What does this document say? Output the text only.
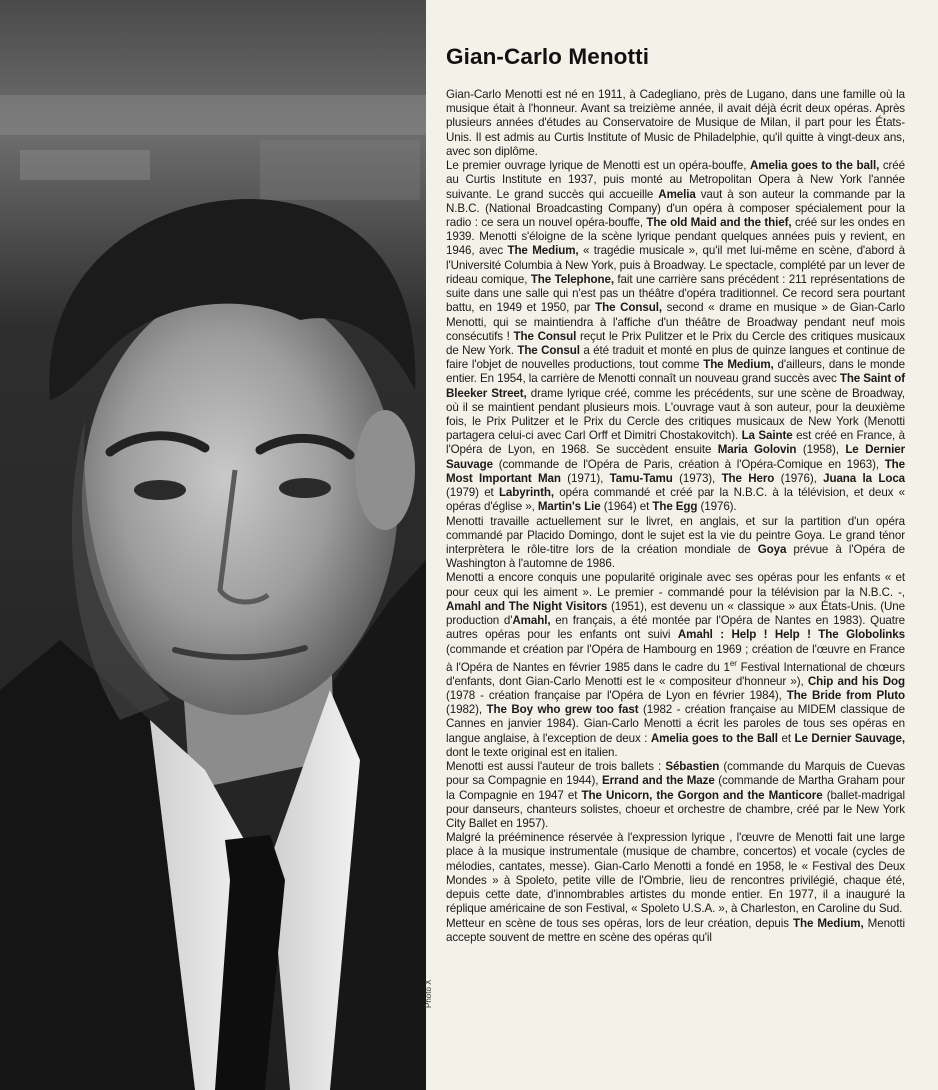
Photo X
Gian-Carlo Menotti

Gian-Carlo Menotti est né en 1911, à Cadegliano, près de Lugano, dans une famille où la musique était à l'honneur. Avant sa treizième année, il avait déjà écrit deux opéras. Après plusieurs années d'études au Conservatoire de Musique de Milan, il part pour les États-Unis. Il est admis au Curtis Institute of Music de Philadelphie, qu'il quitte à vingt-deux ans, avec son diplôme.

Le premier ouvrage lyrique de Menotti est un opéra-bouffe, Amelia goes to the ball, créé au Curtis Institute en 1937, puis monté au Metropolitan Opera à New York l'année suivante. Le grand succès qui accueille Amelia vaut à son auteur la commande par la N.B.C. (National Broadcasting Company) d'un opéra à composer spécialement pour la radio : ce sera un nouvel opéra-bouffe, The old Maid and the thief, créé sur les ondes en 1939. Menotti s'éloigne de la scène lyrique pendant quelques années puis y revient, en 1946, avec The Medium, « tragédie musicale », qu'il met lui-même en scène, d'abord à l'Université Columbia à New York, puis à Broadway. Le spectacle, complété par un lever de rideau comique, The Telephone, fait une carrière sans précédent : 211 représentations de suite dans une salle qui n'est pas un théâtre d'opéra traditionnel. Ce record sera pourtant battu, en 1949 et 1950, par The Consul, second « drame en musique » de Gian-Carlo Menotti, qui se maintiendra à l'affiche d'un théâtre de Broadway pendant neuf mois consécutifs ! The Consul reçut le Prix Pulitzer et le Prix du Cercle des critiques musicaux de New York. The Consul a été traduit et monté en plus de quinze langues et continue de faire l'objet de nouvelles productions, tout comme The Medium, d'ailleurs, dans le monde entier. En 1954, la carrière de Menotti connaît un nouveau grand succès avec The Saint of Bleeker Street, drame lyrique créé, comme les précédents, sur une scène de Broadway, où il se maintient pendant plusieurs mois. L'ouvrage vaut à son auteur, pour la deuxième fois, le Prix Pulitzer et le Prix du Cercle des critiques musicaux de New York (Menotti partagera celui-ci avec Carl Orff et Dimitri Chostakovitch). La Sainte est créé en France, à l'Opéra de Lyon, en 1968. Se succèdent ensuite Maria Golovin (1958), Le Dernier Sauvage (commande de l'Opéra de Paris, création à l'Opéra-Comique en 1963), The Most Important Man (1971), Tamu-Tamu (1973), The Hero (1976), Juana la Loca (1979) et Labyrinth, opéra commandé et créé par la N.B.C. à la télévision, et deux « opéras d'église », Martin's Lie (1964) et The Egg (1976).

Menotti travaille actuellement sur le livret, en anglais, et sur la partition d'un opéra commandé par Placido Domingo, dont le sujet est la vie du peintre Goya. Le grand ténor interprètera le rôle-titre lors de la création mondiale de Goya prévue à l'Opéra de Washington à l'automne de 1986.

Menotti a encore conquis une popularité originale avec ses opéras pour les enfants « et pour ceux qui les aiment ». Le premier - commandé pour la télévision par la N.B.C. -, Amahl and The Night Visitors (1951), est devenu un « classique » aux États-Unis. (Une production d'Amahl, en français, a été montée par l'Opéra de Nantes en 1983). Quatre autres opéras pour les enfants ont suivi Amahl : Help ! Help ! The Globolinks (commande et création par l'Opéra de Hambourg en 1969 ; création de l'œuvre en France à l'Opéra de Nantes en février 1985 dans le cadre du 1er Festival International de chœurs d'enfants, dont Gian-Carlo Menotti est le « compositeur d'honneur »), Chip and his Dog (1978 - création française par l'Opéra de Lyon en février 1984), The Bride from Pluto (1982), The Boy who grew too fast (1982 - création française au MIDEM classique de Cannes en janvier 1984). Gian-Carlo Menotti a écrit les paroles de tous ses opéras en langue anglaise, à l'exception de deux : Amelia goes to the Ball et Le Dernier Sauvage, dont le texte original est en italien.

Menotti est aussi l'auteur de trois ballets : Sébastien (commande du Marquis de Cuevas pour sa Compagnie en 1944), Errand and the Maze (commande de Martha Graham pour la Compagnie en 1947 et The Unicorn, the Gorgon and the Manticore (ballet-madrigal pour danseurs, chanteurs solistes, choeur et orchestre de chambre, créé par le New York City Ballet en 1957).

Malgré la prééminence réservée à l'expression lyrique , l'œuvre de Menotti fait une large place à la musique instrumentale (musique de chambre, concertos) et vocale (cycles de mélodies, cantates, messe). Gian-Carlo Menotti a fondé en 1958, le « Festival des Deux Mondes » à Spoleto, petite ville de l'Ombrie, lieu de rencontres privilégié, chaque été, depuis cette date, d'innombrables artistes du monde entier. En 1977, il a inauguré la réplique américaine de son Festival, « Spoleto U.S.A. », à Charleston, en Caroline du Sud.

Metteur en scène de tous ses opéras, lors de leur création, depuis The Medium, Menotti accepte souvent de mettre en scène des opéras qu'il
